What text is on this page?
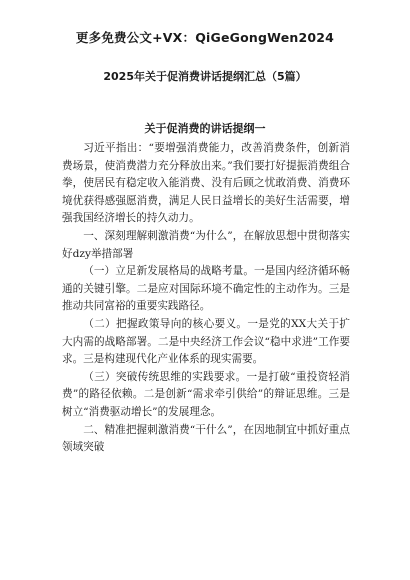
更多免费公文+VX：QiGeGongWen2024
2025年关于促消费讲话提纲汇总（5篇）
关于促消费的讲话提纲一

习近平指出：“要增强消费能力，改善消费条件，创新消费场景，使消费潜力充分释放出来。”我们要打好提振消费组合拳，使居民有稳定收入能消费、没有后顾之忧敢消费、消费环境优获得感强愿消费，满足人民日益增长的美好生活需要，增强我国经济增长的持久动力。

一、深刻理解刺激消费“为什么”，在解放思想中贯彻落实好dzy举措部署

（一）立足新发展格局的战略考量。一是国内经济循环畅通的关键引擎。二是应对国际环境不确定性的主动作为。三是推动共同富裕的重要实践路径。

（二）把握政策导向的核心要义。一是党的XX大关于扩大内需的战略部署。二是中央经济工作会议“稳中求进”工作要求。三是构建现代化产业体系的现实需要。

（三）突破传统思维的实践要求。一是打破“重投资轻消费”的路径依赖。二是创新“需求牵引供给”的辩证思维。三是树立“消费驱动增长”的发展理念。

二、精准把握刺激消费“干什么”，在因地制宜中抓好重点领域突破
